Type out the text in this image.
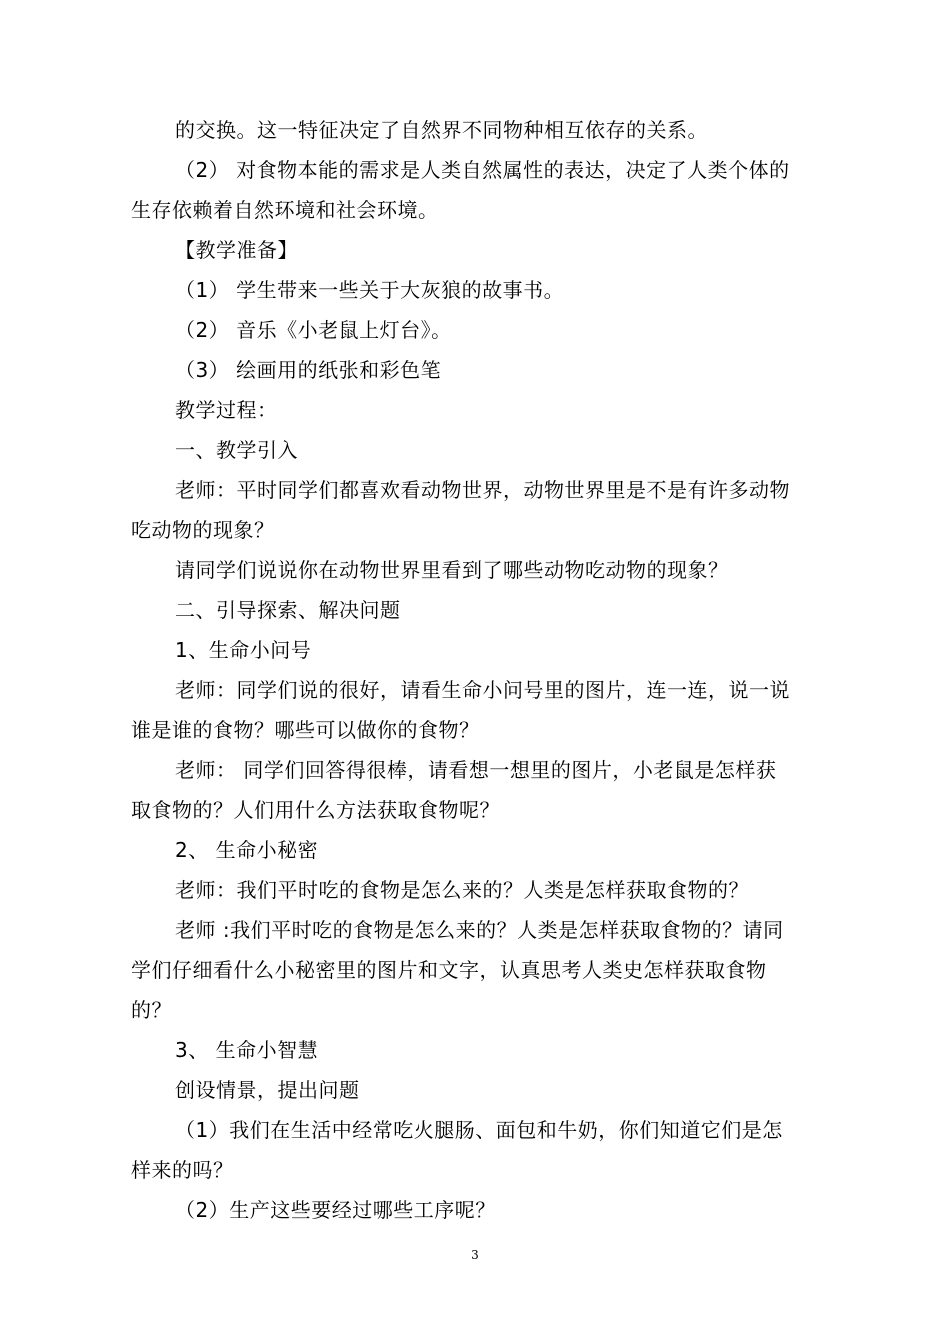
的交换。这一特征决定了自然界不同物种相互依存的关系。
（2） 对食物本能的需求是人类自然属性的表达，决定了人类个体的
生存依赖着自然环境和社会环境。
【教学准备】
（1） 学生带来一些关于大灰狼的故事书。
（2） 音乐《小老鼠上灯台》。
（3） 绘画用的纸张和彩色笔
教学过程：
一、教学引入
老师：平时同学们都喜欢看动物世界，动物世界里是不是有许多动物
吃动物的现象？
请同学们说说你在动物世界里看到了哪些动物吃动物的现象？
二、引导探索、解决问题
1、生命小问号
老师：同学们说的很好，请看生命小问号里的图片，连一连，说一说
谁是谁的食物？哪些可以做你的食物？
老师： 同学们回答得很棒，请看想一想里的图片，小老鼠是怎样获
取食物的？人们用什么方法获取食物呢？
2、 生命小秘密
老师：我们平时吃的食物是怎么来的？人类是怎样获取食物的？
老师 :我们平时吃的食物是怎么来的？人类是怎样获取食物的？请同
学们仔细看什么小秘密里的图片和文字，认真思考人类史怎样获取食物
的？
3、 生命小智慧
创设情景，提出问题
（1）我们在生活中经常吃火腿肠、面包和牛奶，你们知道它们是怎
样来的吗？
（2）生产这些要经过哪些工序呢？
3
